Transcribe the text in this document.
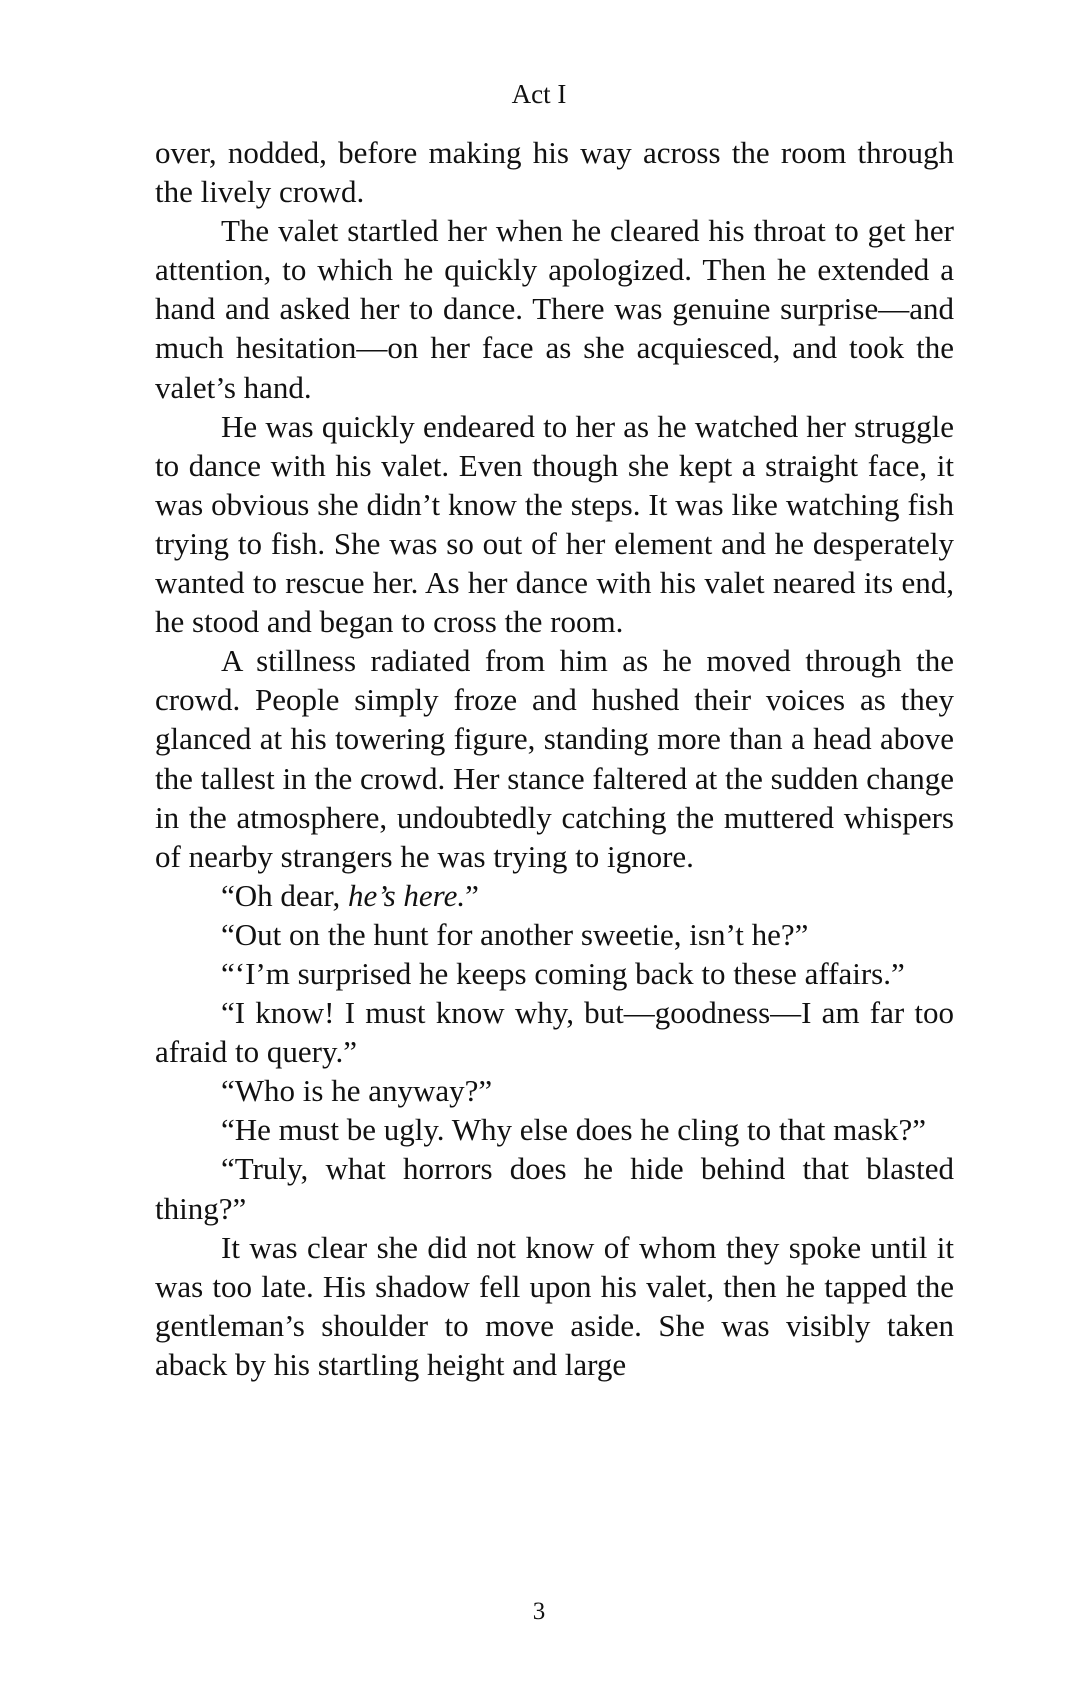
Act I

over, nodded, before making his way across the room through the lively crowd.

The valet startled her when he cleared his throat to get her attention, to which he quickly apologized. Then he extended a hand and asked her to dance. There was genuine surprise—and much hesitation—on her face as she acquiesced, and took the valet’s hand.

He was quickly endeared to her as he watched her struggle to dance with his valet. Even though she kept a straight face, it was obvious she didn’t know the steps. It was like watching fish trying to fish. She was so out of her element and he desperately wanted to rescue her. As her dance with his valet neared its end, he stood and began to cross the room.

A stillness radiated from him as he moved through the crowd. People simply froze and hushed their voices as they glanced at his towering figure, standing more than a head above the tallest in the crowd. Her stance faltered at the sudden change in the atmosphere, undoubtedly catching the muttered whispers of nearby strangers he was trying to ignore.

“Oh dear, he’s here.”

“Out on the hunt for another sweetie, isn’t he?”

“‘I’m surprised he keeps coming back to these affairs.”

“I know! I must know why, but—goodness—I am far too afraid to query.”

“Who is he anyway?”

“He must be ugly. Why else does he cling to that mask?”

“Truly, what horrors does he hide behind that blasted thing?”

It was clear she did not know of whom they spoke until it was too late. His shadow fell upon his valet, then he tapped the gentleman’s shoulder to move aside. She was visibly taken aback by his startling height and large

3
